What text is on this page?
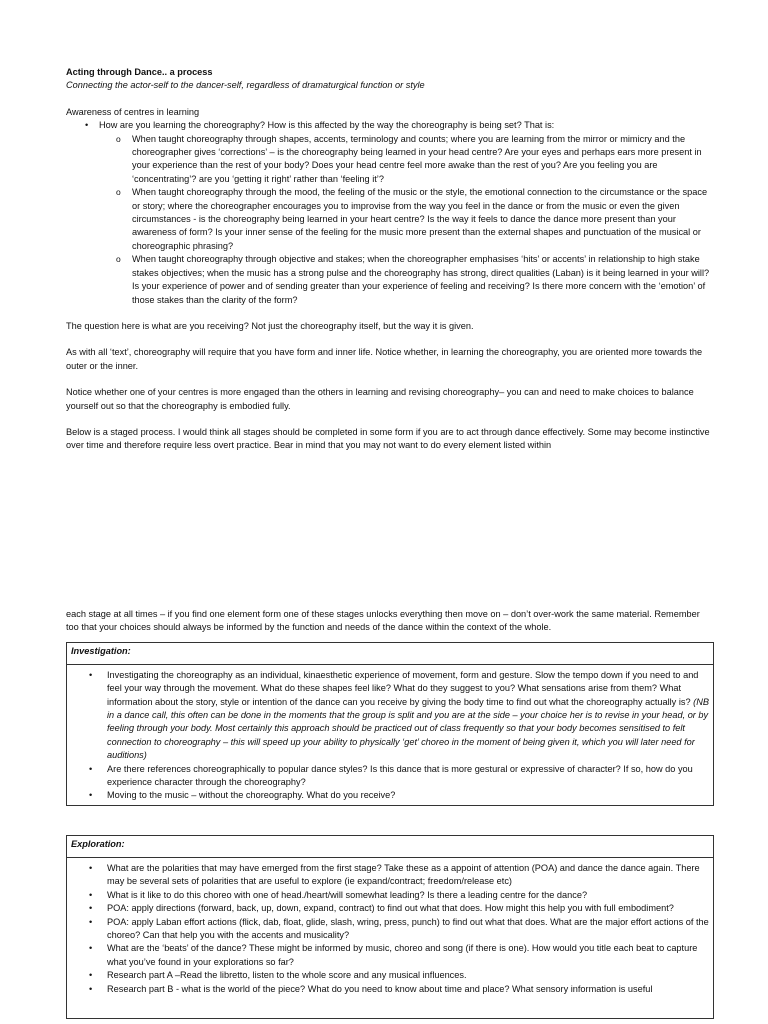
Acting through Dance.. a process

Connecting the actor-self to the dancer-self, regardless of dramaturgical function or style

Awareness of centres in learning

• How are you learning the choreography? How is this affected by the way the choreography is being set? That is:
o When taught choreography through shapes, accents, terminology and counts; where you are learning from the mirror or mimicry and the choreographer gives ‘corrections’ – is the choreography being learned in your head centre? Are your eyes and perhaps ears more present in your experience than the rest of your body? Does your head centre feel more awake than the rest of you? Are you feeling you are ‘concentrating’? are you ‘getting it right’ rather than ‘feeling it’?
o When taught choreography through the mood, the feeling of the music or the style, the emotional connection to the circumstance or the space or story; where the choreographer encourages you to improvise from the way you feel in the dance or from the music or even the given circumstances - is the choreography being learned in your heart centre? Is the way it feels to dance the dance more present than your awareness of form? Is your inner sense of the feeling for the music more present than the external shapes and punctuation of the musical or choreographic phrasing?
o When taught choreography through objective and stakes; when the choreographer emphasises ‘hits’ or accents’ in relationship to high stake stakes objectives; when the music has a strong pulse and the choreography has strong, direct qualities (Laban) is it being learned in your will? Is your experience of power and of sending greater than your experience of feeling and receiving? Is there more concern with the ‘emotion’ of those stakes than the clarity of the form?

The question here is what are you receiving? Not just the choreography itself, but the way it is given.

As with all ‘text’, choreography will require that you have form and inner life. Notice whether, in learning the choreography, you are oriented more towards the outer or the inner.

Notice whether one of your centres is more engaged than the others in learning and revising choreography– you can and need to make choices to balance yourself out so that the choreography is embodied fully.

Below is a staged process. I would think all stages should be completed in some form if you are to act through dance effectively. Some may become instinctive over time and therefore require less overt practice. Bear in mind that you may not want to do every element listed within

each stage at all times – if you find one element form one of these stages unlocks everything then move on – don’t over-work the same material. Remember too that your choices should always be informed by the function and needs of the dance within the context of the whole.

Investigation:
• Investigating the choreography as an individual, kinaesthetic experience of movement, form and gesture. Slow the tempo down if you need to and feel your way through the movement. What do these shapes feel like? What do they suggest to you? What sensations arise from them? What information about the story, style or intention of the dance can you receive by giving the body time to find out what the choreography actually is? (NB in a dance call, this often can be done in the moments that the group is split and you are at the side – your choice her is to revise in your head, or by feeling through your body. Most certainly this approach should be practiced out of class frequently so that your body becomes sensitised to felt connection to choreography – this will speed up your ability to physically ‘get’ choreo in the moment of being given it, which you will later need for auditions)
• Are there references choreographically to popular dance styles? Is this dance that is more gestural or expressive of character? If so, how do you experience character through the choreography?
• Moving to the music – without the choreography. What do you receive?
Exploration:
• What are the polarities that may have emerged from the first stage? Take these as a appoint of attention (POA) and dance the dance again. There may be several sets of polarities that are useful to explore (ie expand/contract; freedom/release etc)
• What is it like to do this choreo with one of head./heart/will somewhat leading? Is there a leading centre for the dance?
• POA: apply directions (forward, back, up, down, expand, contract) to find out what that does. How might this help you with full embodiment?
• POA: apply Laban effort actions (flick, dab, float, glide, slash, wring, press, punch) to find out what that does. What are the major effort actions of the choreo? Can that help you with the accents and musicality?
• What are the ‘beats’ of the dance? These might be informed by music, choreo and song (if there is one). How would you title each beat to capture what you’ve found in your explorations so far?
• Research part A –Read the libretto, listen to the whole score and any musical influences.
• Research part B - what is the world of the piece? What do you need to know about time and place? What sensory information is useful
